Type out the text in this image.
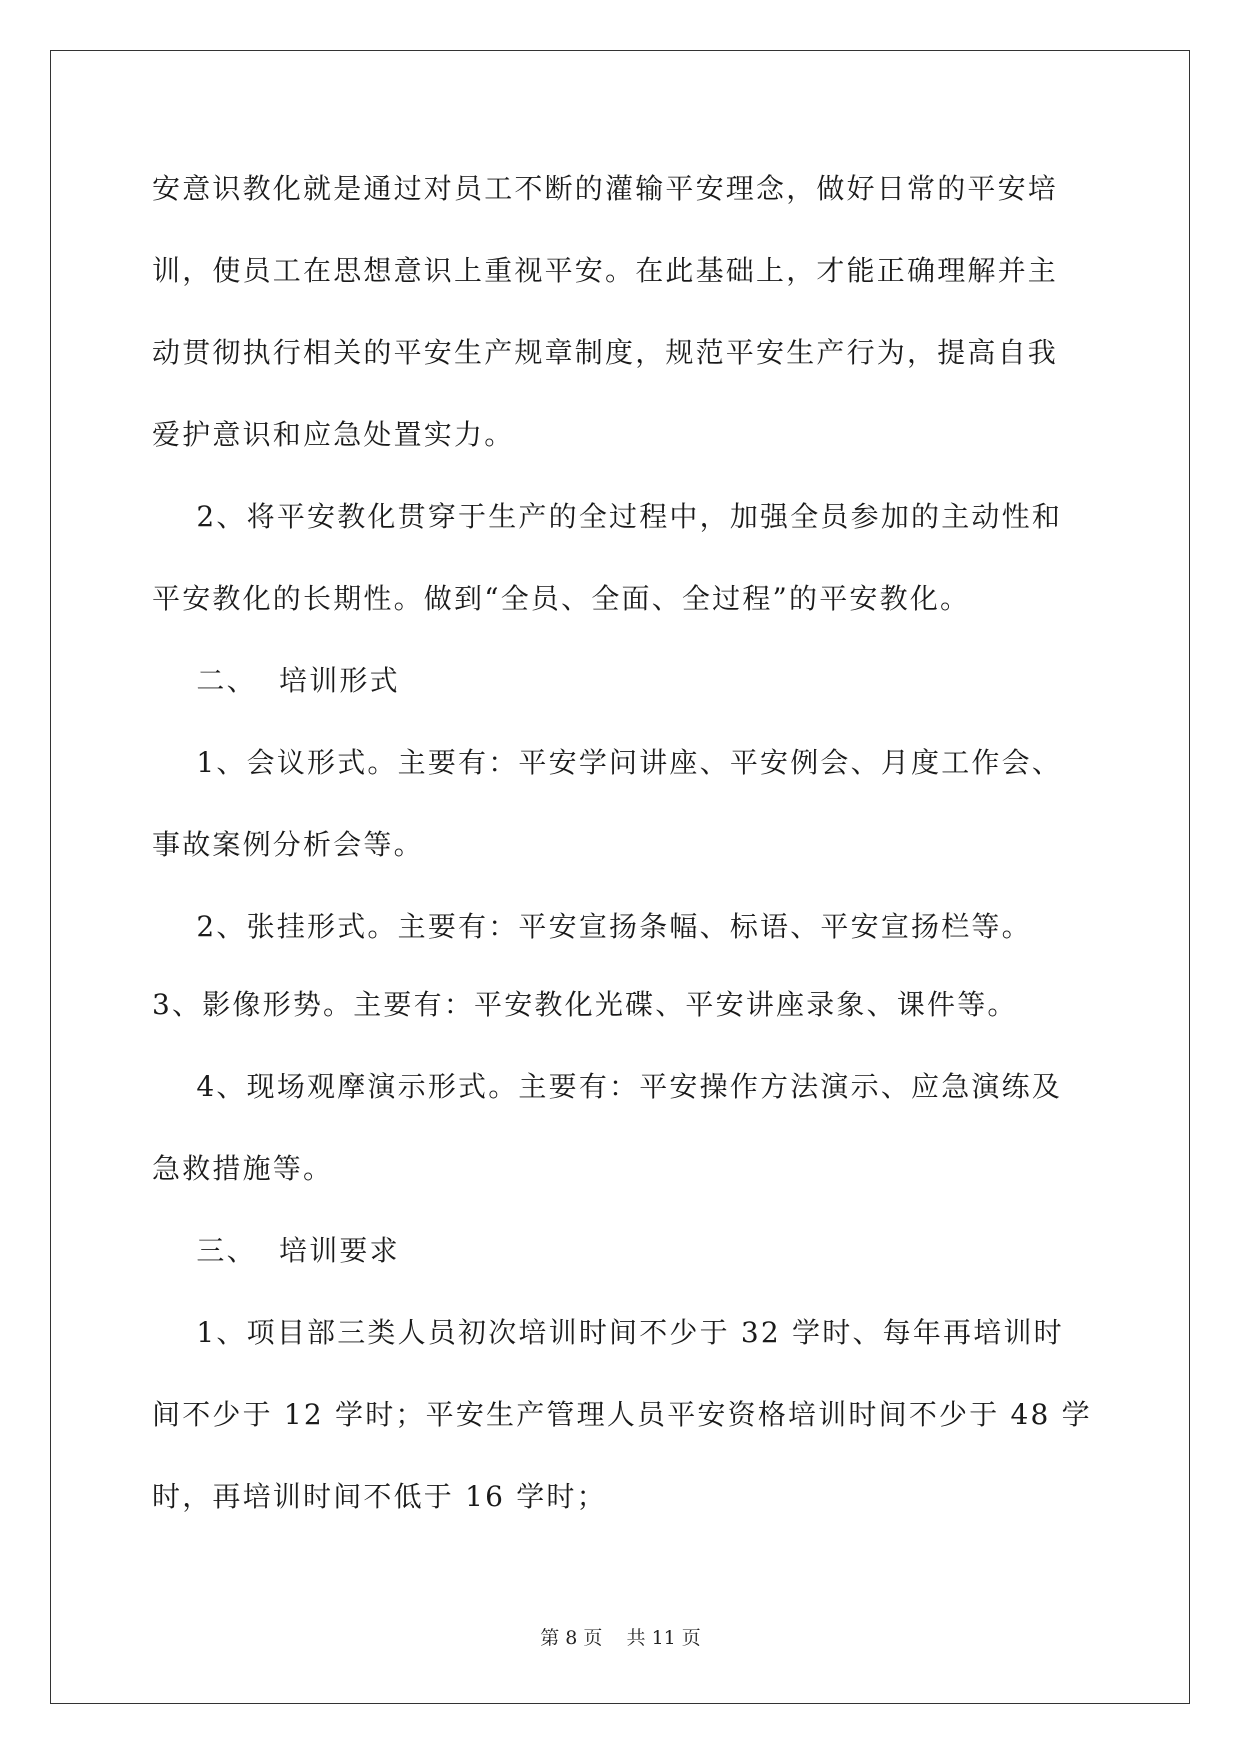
安意识教化就是通过对员工不断的灌输平安理念，做好日常的平安培
训，使员工在思想意识上重视平安。在此基础上，才能正确理解并主
动贯彻执行相关的平安生产规章制度，规范平安生产行为，提高自我
爱护意识和应急处置实力。
2、将平安教化贯穿于生产的全过程中，加强全员参加的主动性和
平安教化的长期性。做到“全员、全面、全过程”的平安教化。
二、  培训形式
1、会议形式。主要有：平安学问讲座、平安例会、月度工作会、
事故案例分析会等。
2、张挂形式。主要有：平安宣扬条幅、标语、平安宣扬栏等。
3、影像形势。主要有：平安教化光碟、平安讲座录象、课件等。
4、现场观摩演示形式。主要有：平安操作方法演示、应急演练及
急救措施等。
三、  培训要求
1、项目部三类人员初次培训时间不少于 32 学时、每年再培训时
间不少于 12 学时；平安生产管理人员平安资格培训时间不少于 48 学
时，再培训时间不低于 16 学时；
第 8 页    共 11 页
